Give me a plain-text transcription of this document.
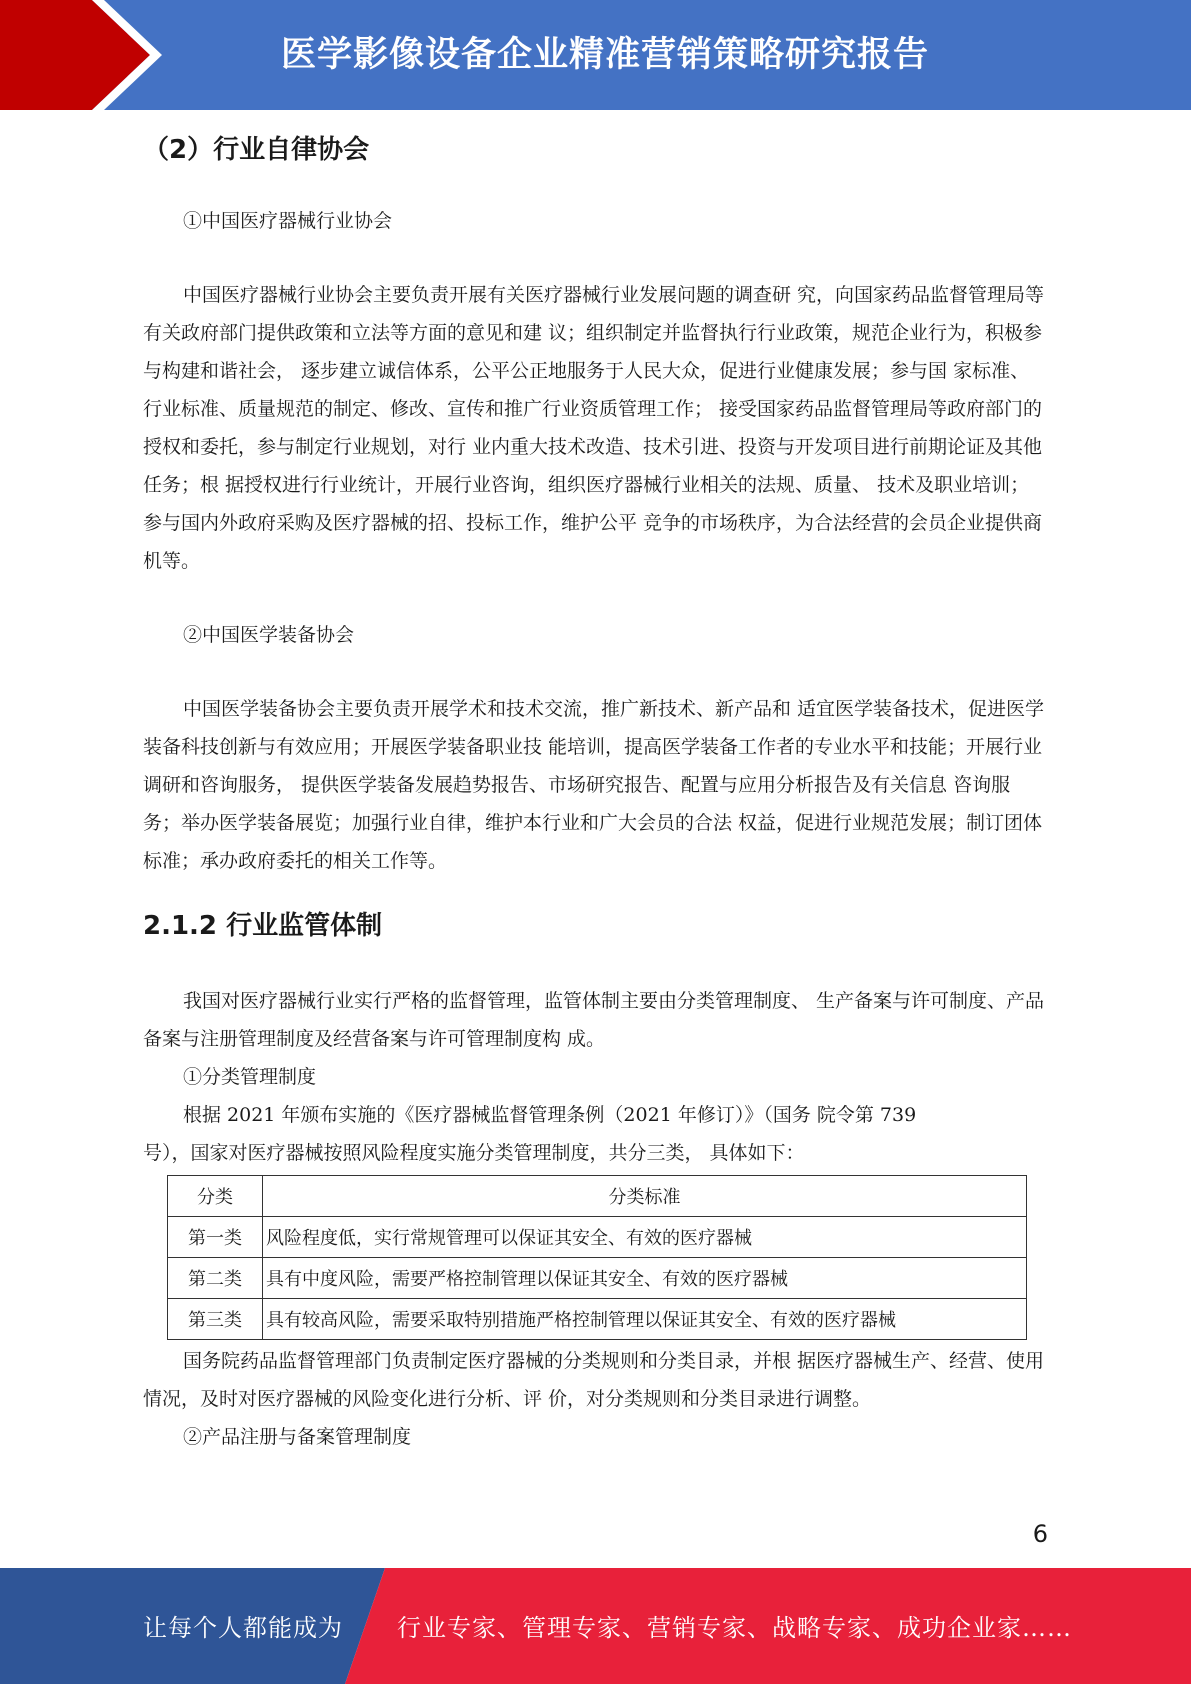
医学影像设备企业精准营销策略研究报告
（2）行业自律协会
①中国医疗器械行业协会

中国医疗器械行业协会主要负责开展有关医疗器械行业发展问题的调查研 究，向国家药品监督管理局等有关政府部门提供政策和立法等方面的意见和建 议；组织制定并监督执行行业政策，规范企业行为，积极参与构建和谐社会， 逐步建立诚信体系，公平公正地服务于人民大众，促进行业健康发展；参与国 家标准、行业标准、质量规范的制定、修改、宣传和推广行业资质管理工作； 接受国家药品监督管理局等政府部门的授权和委托，参与制定行业规划，对行 业内重大技术改造、技术引进、投资与开发项目进行前期论证及其他任务；根 据授权进行行业统计，开展行业咨询，组织医疗器械行业相关的法规、质量、 技术及职业培训；参与国内外政府采购及医疗器械的招、投标工作，维护公平 竞争的市场秩序，为合法经营的会员企业提供商机等。

②中国医学装备协会

中国医学装备协会主要负责开展学术和技术交流，推广新技术、新产品和 适宜医学装备技术，促进医学装备科技创新与有效应用；开展医学装备职业技 能培训，提高医学装备工作者的专业水平和技能；开展行业调研和咨询服务， 提供医学装备发展趋势报告、市场研究报告、配置与应用分析报告及有关信息 咨询服务；举办医学装备展览；加强行业自律，维护本行业和广大会员的合法 权益，促进行业规范发展；制订团体标准；承办政府委托的相关工作等。

2.1.2 行业监管体制

我国对医疗器械行业实行严格的监督管理，监管体制主要由分类管理制度、 生产备案与许可制度、产品备案与注册管理制度及经营备案与许可管理制度构 成。

①分类管理制度
根据 2021 年颁布实施的《医疗器械监督管理条例（2021 年修订）》（国务 院令第 739
号），国家对医疗器械按照风险程度实施分类管理制度，共分三类， 具体如下：
分类	分类标准
第一类	风险程度低，实行常规管理可以保证其安全、有效的医疗器械
第二类	具有中度风险，需要严格控制管理以保证其安全、有效的医疗器械
第三类	具有较高风险，需要采取特别措施严格控制管理以保证其安全、有效的医疗器械

国务院药品监督管理部门负责制定医疗器械的分类规则和分类目录，并根 据医疗器械生产、经营、使用情况，及时对医疗器械的风险变化进行分析、评 价，对分类规则和分类目录进行调整。

②产品注册与备案管理制度
6
让每个人都能成为 行业专家、管理专家、营销专家、战略专家、成功企业家……
